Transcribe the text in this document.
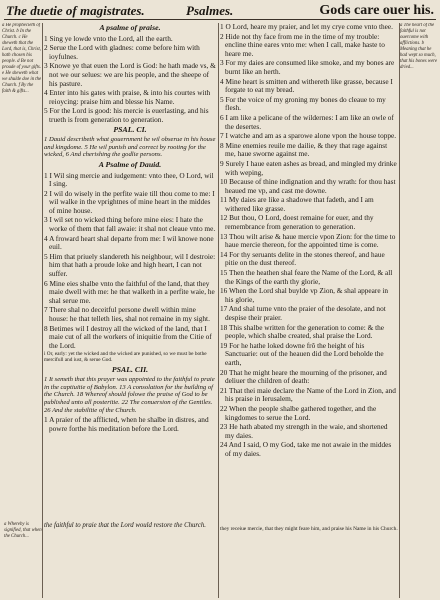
The duetie of magistrates.	Psalmes.	Gods care ouer his.
a He prophecieth of Christ. b In the Church. c He sheweth that the Lord, that is, Christ, hath chosen his people. d Be not proude of your gifts. e He sheweth what we shulde doe in the Church. f By the faith & gifts...
A psalme of praise.

1 Sing ye lowde vnto the Lord, all the earth.

2 Serue the Lord with gladnes: come before him with ioyfulnes.

3 Knowe ye that euen the Lord is God: he hath made vs, & not we our selues: we are his people, and the sheepe of his pasture.

4 Enter into his gates with praise, & into his courtes with reioycing: praise him and blesse his Name.

5 For the Lord is good: his mercie is euerlasting, and his trueth is from generation to generation.

PSAL. CI.

1 Dauid describeth what gouernment he wil obserue in his house and kingdome. 5 He wil punish and correct by rooting for the wicked, 6 And cherishing the godlie persons.

A Psalme of Dauid.

1 I Wil sing mercie and iudgement: vnto thee, O Lord, wil I sing.

2 I wil do wisely in the perfite waie till thou come to me: I wil walke in the vprightnes of mine heart in the middes of mine house.

3 I wil set no wicked thing before mine eies: I hate the worke of them that fall awaie: it shal not cleaue vnto me.

4 A froward heart shal departe from me: I wil knowe none euil.

5 Him that priuely slandereth his neighbour, wil I destroie: him that hath a proude loke and high heart, I can not suffer.

6 Mine eies shalbe vnto the faithful of the land, that they maie dwell with me: he that walketh in a perfite waie, he shal serue me.

7 There shal no deceitful persone dwell within mine house: he that telleth lies, shal not remaine in my sight.

8 Betimes wil I destroy all the wicked of the land, that I maie cut of all the workers of iniquitie from the Citie of the Lord.

i Or, early: yet the wicked and the wicked are punished, so we must be bothe mercifull and iust, & serue God.

PSAL. CII.

1 It semeth that this prayer was appointed to the faithful to praie in the captiuitie of Babylon. 13 A consolation for the building of the Church. 18 Whereof should folowe the praise of God to be published unto all posteritie. 22 The conuersion of the Gentiles. 26 And the stabilitie of the Church.

1 A praier of the afflicted, when he shalbe in distres, and powre forthe his meditation before the Lord.

1 O Lord, heare my praier, and let my crye come vnto thee.

2 Hide not thy face from me in the time of my trouble: encline thine eares vnto me: when I call, make haste to heare me.

3 For my daies are consumed like smoke, and my bones are burnt like an herth.

4 Mine heart is smitten and withereth like grasse, because I forgate to eat my bread.

5 For the voice of my groning my bones do cleaue to my flesh.

6 I am like a pelicane of the wildernes: I am like an owle of the desertes.

7 I watche and am as a sparowe alone vpon the house toppe.

8 Mine enemies reuile me dailie, & they that rage against me, haue sworne against me.

9 Surely I haue eaten ashes as bread, and mingled my drinke with weping,

10 Because of thine indignation and thy wrath: for thou hast heaued me vp, and cast me downe.

11 My daies are like a shadowe that fadeth, and I am withered like grasse.

12 But thou, O Lord, doest remaine for euer, and thy remembrance from generation to generation.

13 Thou wilt arise & haue mercie vpon Zion: for the time to haue mercie thereon, for the appointed time is come.

14 For thy seruants delite in the stones thereof, and haue pitie on the dust thereof.

15 Then the heathen shal feare the Name of the Lord, & all the Kings of the earth thy glorie,

16 When the Lord shal buylde vp Zion, & shal appeare in his glorie,

17 And shal turne vnto the praier of the desolate, and not despise their praier.

18 This shalbe written for the generation to come: & the people, which shalbe created, shal praise the Lord.

19 For he hathe loked downe frõ the height of his Sanctuarie: out of the heauen did the Lord beholde the earth,

20 That he might heare the mourning of the prisoner, and deliuer the children of death:

21 That thei maie declare the Name of the Lord in Zion, and his praise in Ierusalem,

22 When the people shalbe gathered together, and the kingdomes to serue the Lord.

23 He hath abated my strength in the waie, and shortened my daies.

24 And I said, O my God, take me not awaie in the middes of my daies.

a The heart of the faithful is not ouercome with afflictions. b Meaning that he had wept so much, that his bones were dried...
a Whereby is signified, that when the Church...
the faithful to praie that the Lord would restore the Church.	they receiue mercie, that they might feare him, and praise his Name in his Church.
